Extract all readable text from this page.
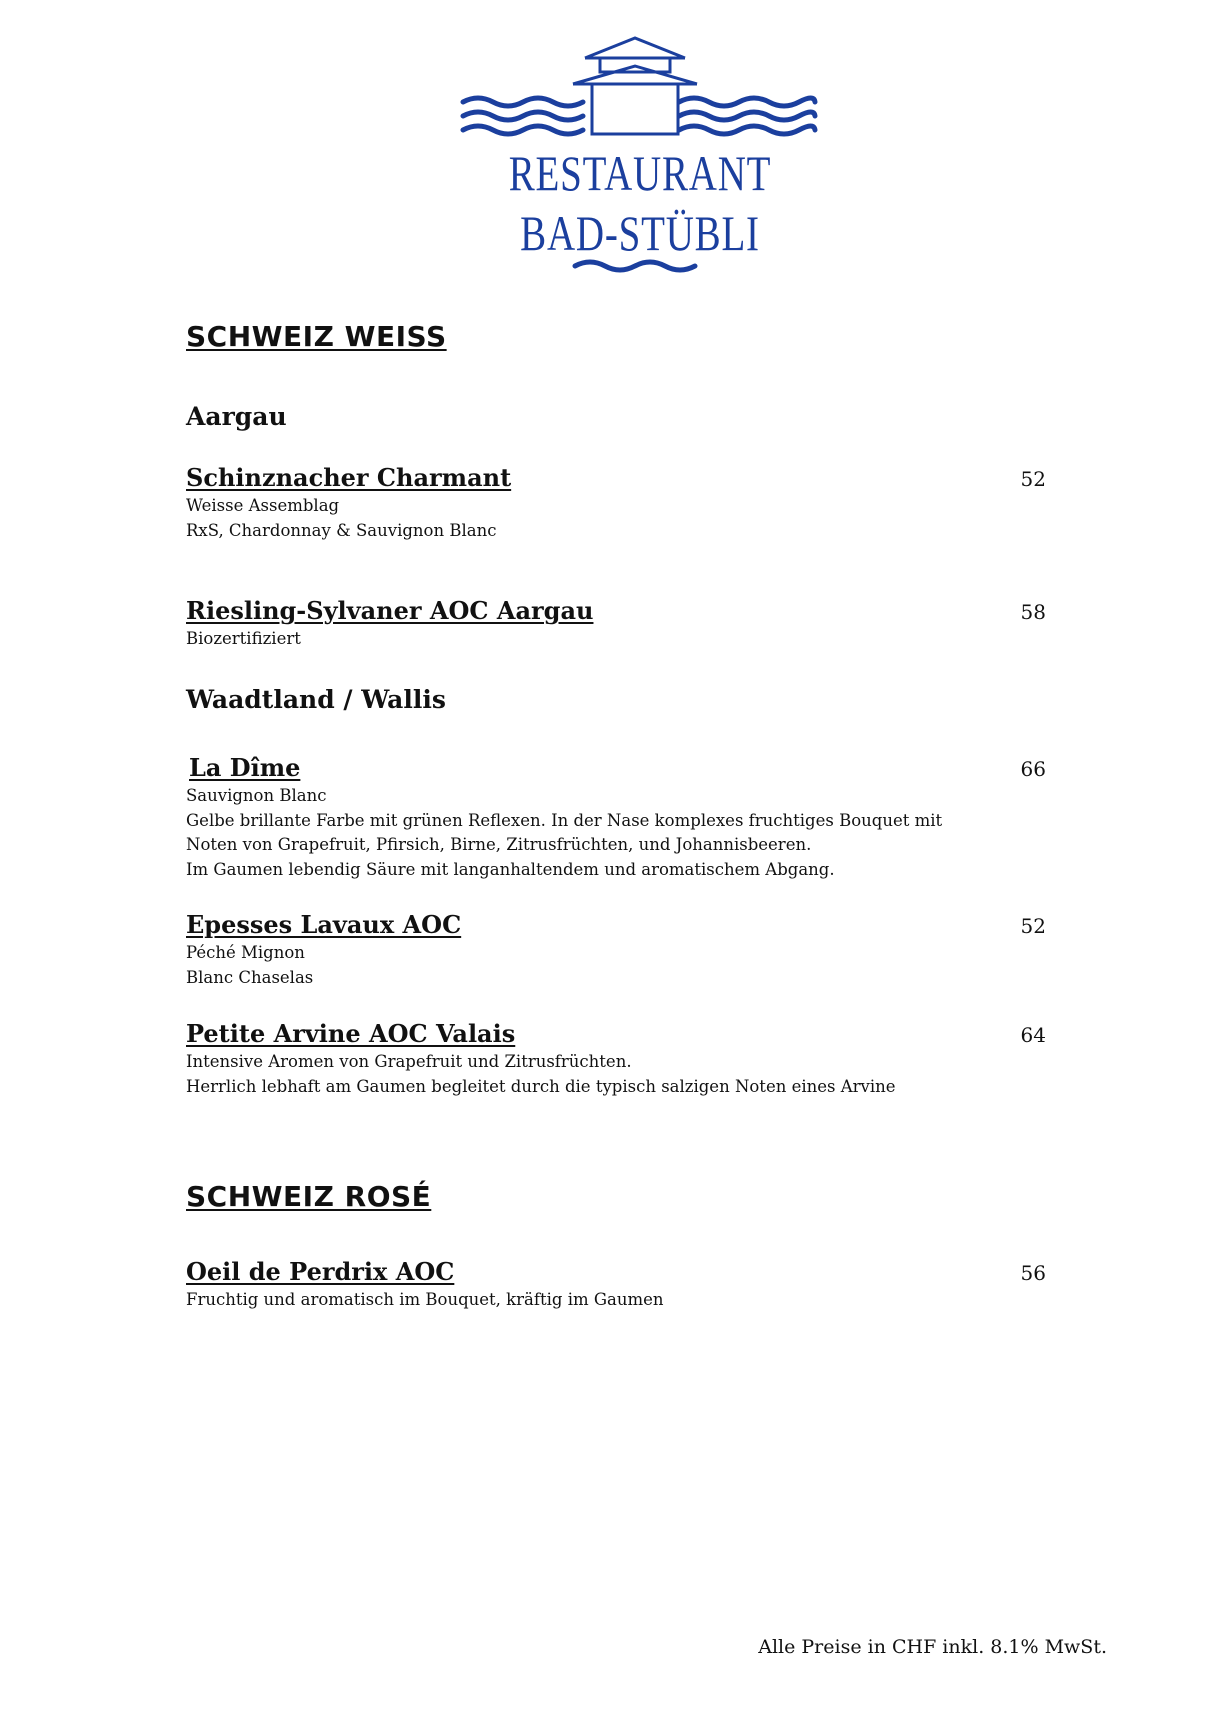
RESTAURANT
BAD-STÜBLI
SCHWEIZ WEISS
Aargau
Schinznacher Charmant	52
Weisse Assemblag
RxS, Chardonnay & Sauvignon Blanc
Riesling-Sylvaner AOC Aargau	58
Biozertifiziert
Waadtland / Wallis
La Dîme	66
Sauvignon Blanc
Gelbe brillante Farbe mit grünen Reflexen. In der Nase komplexes fruchtiges Bouquet mit
Noten von Grapefruit, Pfirsich, Birne, Zitrusfrüchten, und Johannisbeeren.
Im Gaumen lebendig Säure mit langanhaltendem und aromatischem Abgang.
Epesses Lavaux AOC	52
Péché Mignon
Blanc Chaselas
Petite Arvine AOC Valais	64
Intensive Aromen von Grapefruit und Zitrusfrüchten.
Herrlich lebhaft am Gaumen begleitet durch die typisch salzigen Noten eines Arvine
SCHWEIZ ROSÉ
Oeil de Perdrix AOC	56
Fruchtig und aromatisch im Bouquet, kräftig im Gaumen
Alle Preise in CHF inkl. 8.1% MwSt.
